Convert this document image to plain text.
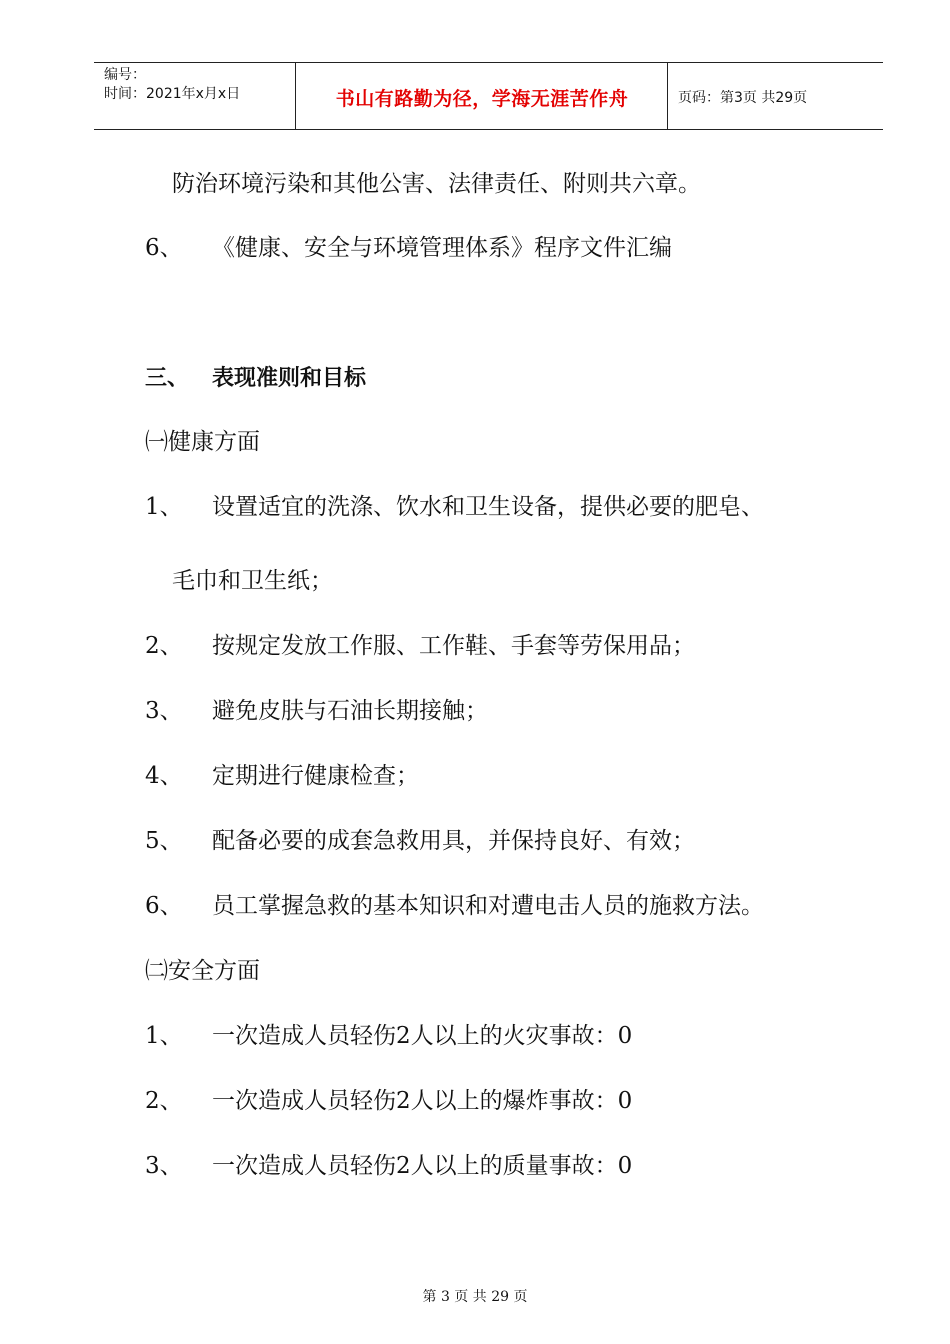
编号：
时间：2021年x月x日	书山有路勤为径，学海无涯苦作舟	页码：第3页 共29页
防治环境污染和其他公害、法律责任、附则共六章。
6、 《健康、安全与环境管理体系》程序文件汇编
三、 表现准则和目标
㈠健康方面
1、 设置适宜的洗涤、饮水和卫生设备，提供必要的肥皂、
毛巾和卫生纸；
2、 按规定发放工作服、工作鞋、手套等劳保用品；
3、 避免皮肤与石油长期接触；
4、 定期进行健康检查；
5、 配备必要的成套急救用具，并保持良好、有效；
6、 员工掌握急救的基本知识和对遭电击人员的施救方法。
㈡安全方面
1、 一次造成人员轻伤2人以上的火灾事故：0
2、 一次造成人员轻伤2人以上的爆炸事故：0
3、 一次造成人员轻伤2人以上的质量事故：0
第 3 页 共 29 页
